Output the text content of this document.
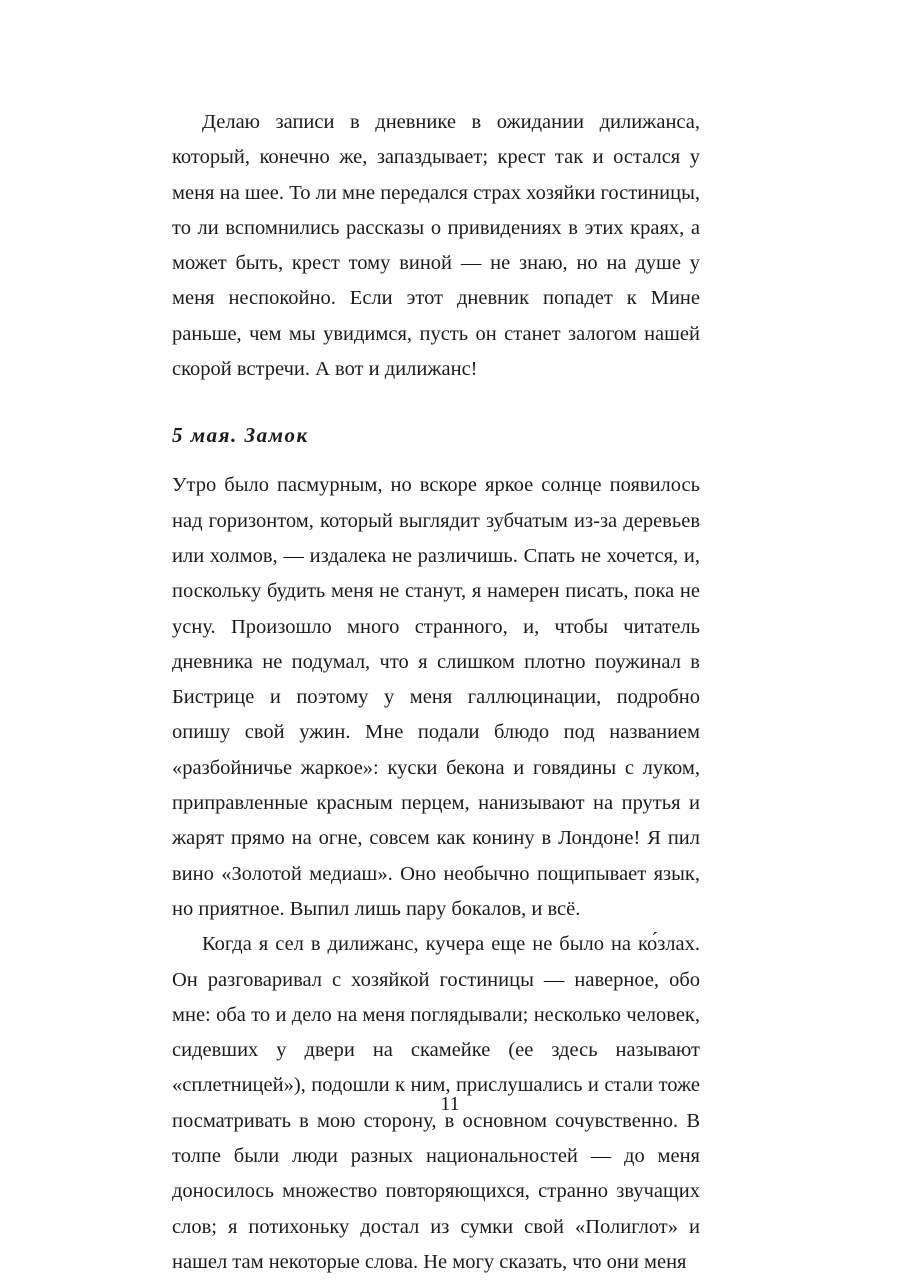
Делаю записи в дневнике в ожидании дилижанса, который, конечно же, запаздывает; крест так и остался у меня на шее. То ли мне передался страх хозяйки гостиницы, то ли вспомнились рассказы о привидениях в этих краях, а может быть, крест тому виной — не знаю, но на душе у меня неспокойно. Если этот дневник попадет к Мине раньше, чем мы увидимся, пусть он станет залогом нашей скорой встречи. А вот и дилижанс!

5 мая. Замок

Утро было пасмурным, но вскоре яркое солнце появилось над горизонтом, который выглядит зубчатым из-за деревьев или холмов, — издалека не различишь. Спать не хочется, и, поскольку будить меня не станут, я намерен писать, пока не усну. Произошло много странного, и, чтобы читатель дневника не подумал, что я слишком плотно поужинал в Бистрице и поэтому у меня галлюцинации, подробно опишу свой ужин. Мне подали блюдо под названием «разбойничье жаркое»: куски бекона и говядины с луком, приправленные красным перцем, нанизывают на прутья и жарят прямо на огне, совсем как конину в Лондоне! Я пил вино «Золотой медиаш». Оно необычно пощипывает язык, но приятное. Выпил лишь пару бокалов, и всё.

Когда я сел в дилижанс, кучера еще не было на ко́злах. Он разговаривал с хозяйкой гостиницы — наверное, обо мне: оба то и дело на меня поглядывали; несколько человек, сидевших у двери на скамейке (ее здесь называют «сплетницей»), подошли к ним, прислушались и стали тоже посматривать в мою сторону, в основном сочувственно. В толпе были люди разных национальностей — до меня доносилось множество повторяющихся, странно звучащих слов; я потихоньку достал из сумки свой «Полиглот» и нашел там некоторые слова. Не могу сказать, что они меня

11
